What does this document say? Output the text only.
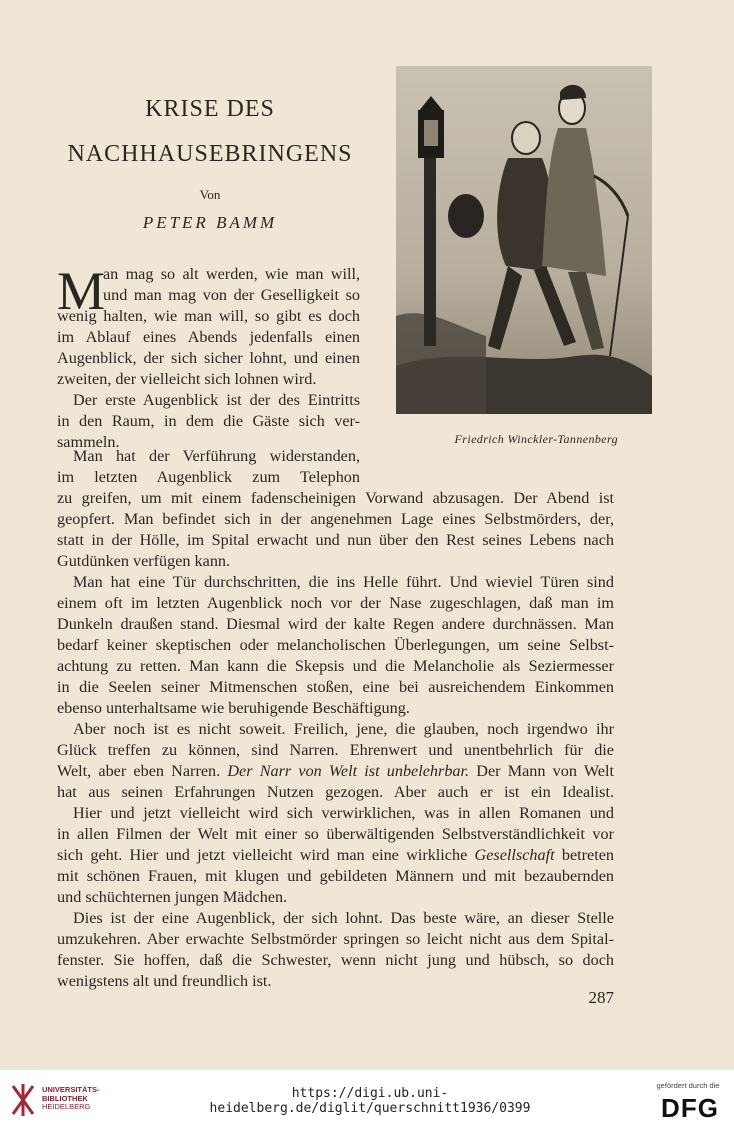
KRISE DES
NACHHAUSEBRINGENS

Von

PETER BAMM

Friedrich Winckler-Tannenberg

M

an mag so alt werden, wie man will,

und man mag von der Geselligkeit so

wenig halten, wie man will, so gibt es doch

im Ablauf eines Abends jedenfalls einen

Augenblick, der sich sicher lohnt, und einen

zweiten, der vielleicht sich lohnen wird.

Der erste Augenblick ist der des Eintritts

in den Raum, in dem die Gäste sich ver-

sammeln.

Man hat der Verführung widerstanden,

im letzten Augenblick zum Telephon

zu greifen, um mit einem fadenscheinigen Vorwand abzusagen. Der Abend ist

geopfert. Man befindet sich in der angenehmen Lage eines Selbstmörders, der,

statt in der Hölle, im Spital erwacht und nun über den Rest seines Lebens nach

Gutdünken verfügen kann.

Man hat eine Tür durchschritten, die ins Helle führt. Und wieviel Türen sind

einem oft im letzten Augenblick noch vor der Nase zugeschlagen, daß man im

Dunkeln draußen stand. Diesmal wird der kalte Regen andere durchnässen. Man

bedarf keiner skeptischen oder melancholischen Überlegungen, um seine Selbst-

achtung zu retten. Man kann die Skepsis und die Melancholie als Seziermesser

in die Seelen seiner Mitmenschen stoßen, eine bei ausreichendem Einkommen

ebenso unterhaltsame wie beruhigende Beschäftigung.

Aber noch ist es nicht soweit. Freilich, jene, die glauben, noch irgendwo ihr

Glück treffen zu können, sind Narren. Ehrenwert und unentbehrlich für die

Welt, aber eben Narren. Der Narr von Welt ist unbelehrbar. Der Mann von Welt

hat aus seinen Erfahrungen Nutzen gezogen. Aber auch er ist ein Idealist.

Hier und jetzt vielleicht wird sich verwirklichen, was in allen Romanen und

in allen Filmen der Welt mit einer so überwältigenden Selbstverständlichkeit vor

sich geht. Hier und jetzt vielleicht wird man eine wirkliche Gesellschaft betreten

mit schönen Frauen, mit klugen und gebildeten Männern und mit bezaubernden

und schüchternen jungen Mädchen.

Dies ist der eine Augenblick, der sich lohnt. Das beste wäre, an dieser Stelle

umzukehren. Aber erwachte Selbstmörder springen so leicht nicht aus dem Spital-

fenster. Sie hoffen, daß die Schwester, wenn nicht jung und hübsch, so doch

wenigstens alt und freundlich ist.

287

UNIVERSITÄTS-
BIBLIOTHEK
HEIDELBERG

https://digi.ub.uni-heidelberg.de/diglit/querschnitt1936/0399

gefördert durch die

DFG
